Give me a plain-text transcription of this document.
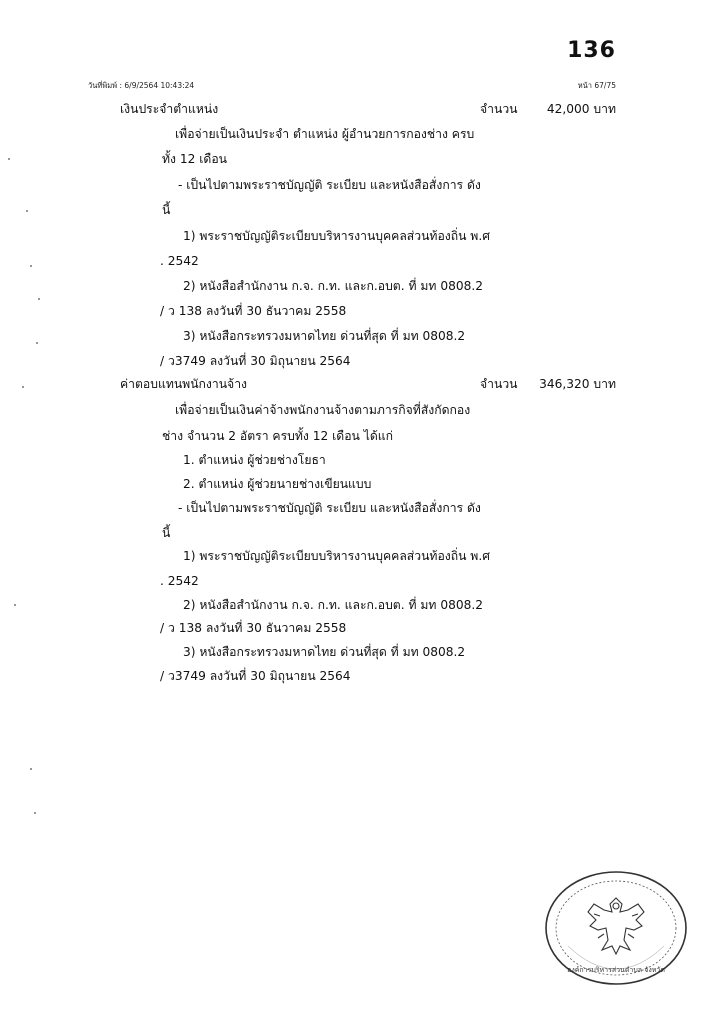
136
วันที่พิมพ์ : 6/9/2564 10:43:24	หน้า 67/75
เงินประจำตำแหน่ง	จำนวน 42,000 บาท
เพื่อจ่ายเป็นเงินประจำ ตำแหน่ง ผู้อำนวยการกองช่าง ครบ
ทั้ง 12 เดือน
- เป็นไปตามพระราชบัญญัติ ระเบียบ และหนังสือสั่งการ ดัง
นี้
1) พระราชบัญญัติระเบียบบริหารงานบุคคลส่วนท้องถิ่น พ.ศ
. 2542
2) หนังสือสำนักงาน ก.จ. ก.ท. และก.อบต. ที่ มท 0808.2
/ ว 138 ลงวันที่ 30 ธันวาคม 2558
3) หนังสือกระทรวงมหาดไทย ด่วนที่สุด ที่ มท 0808.2
/ ว3749 ลงวันที่ 30 มิถุนายน 2564
ค่าตอบแทนพนักงานจ้าง	จำนวน 346,320 บาท
เพื่อจ่ายเป็นเงินค่าจ้างพนักงานจ้างตามภารกิจที่สังกัดกอง
ช่าง จำนวน 2 อัตรา ครบทั้ง 12 เดือน ได้แก่
1. ตำแหน่ง ผู้ช่วยช่างโยธา
2. ตำแหน่ง ผู้ช่วยนายช่างเขียนแบบ
- เป็นไปตามพระราชบัญญัติ ระเบียบ และหนังสือสั่งการ ดัง
นี้
1) พระราชบัญญัติระเบียบบริหารงานบุคคลส่วนท้องถิ่น พ.ศ
. 2542
2) หนังสือสำนักงาน ก.จ. ก.ท. และก.อบต. ที่ มท 0808.2
/ ว 138 ลงวันที่ 30 ธันวาคม 2558
3) หนังสือกระทรวงมหาดไทย ด่วนที่สุด ที่ มท 0808.2
/ ว3749 ลงวันที่ 30 มิถุนายน 2564
องค์การบริหารส่วนตำบล จังหวัด
